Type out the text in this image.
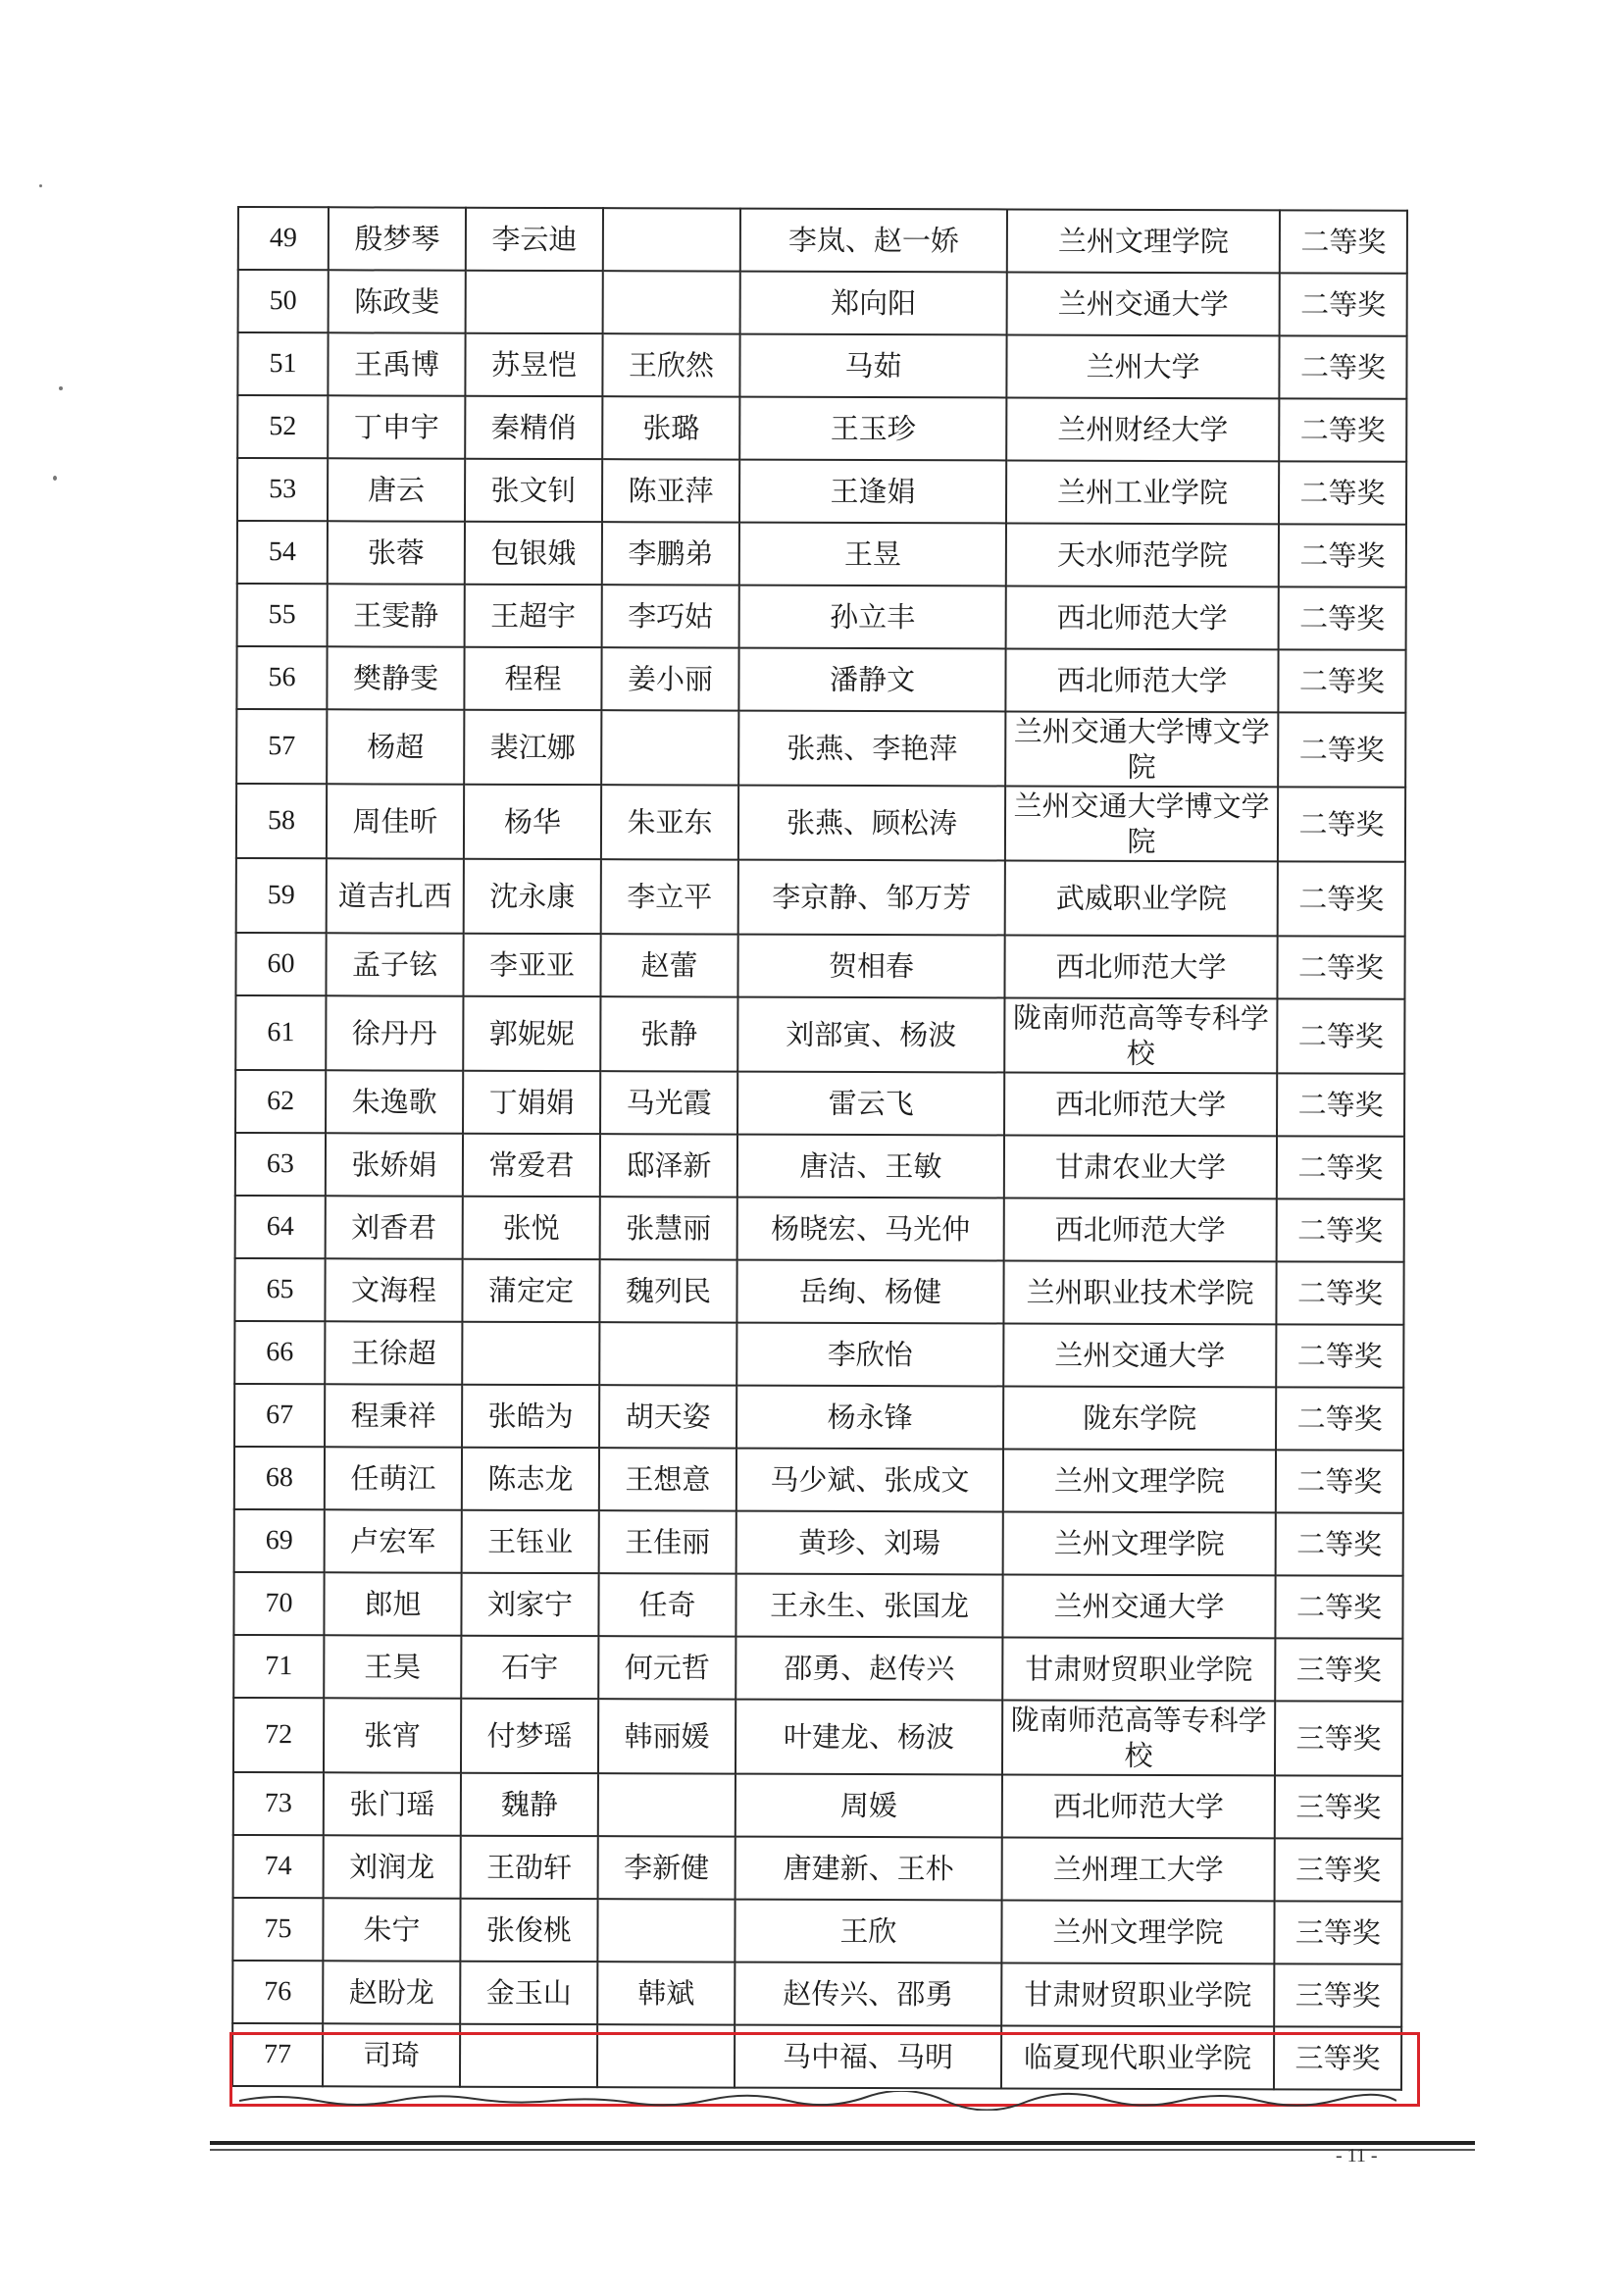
49	殷梦琴	李云迪		李岚、赵一娇	兰州文理学院	二等奖
50	陈政斐			郑向阳	兰州交通大学	二等奖
51	王禹博	苏昱恺	王欣然	马茹	兰州大学	二等奖
52	丁申宇	秦精俏	张璐	王玉珍	兰州财经大学	二等奖
53	唐云	张文钊	陈亚萍	王逢娟	兰州工业学院	二等奖
54	张蓉	包银娥	李鹏弟	王昱	天水师范学院	二等奖
55	王雯静	王超宇	李巧姑	孙立丰	西北师范大学	二等奖
56	樊静雯	程程	姜小丽	潘静文	西北师范大学	二等奖
57	杨超	裴江娜		张燕、李艳萍	兰州交通大学博文学院	二等奖
58	周佳昕	杨华	朱亚东	张燕、顾松涛	兰州交通大学博文学院	二等奖
59	道吉扎西	沈永康	李立平	李京静、邹万芳	武威职业学院	二等奖
60	孟子铉	李亚亚	赵蕾	贺相春	西北师范大学	二等奖
61	徐丹丹	郭妮妮	张静	刘部寅、杨波	陇南师范高等专科学校	二等奖
62	朱逸歌	丁娟娟	马光霞	雷云飞	西北师范大学	二等奖
63	张娇娟	常爱君	邸泽新	唐洁、王敏	甘肃农业大学	二等奖
64	刘香君	张悦	张慧丽	杨晓宏、马光仲	西北师范大学	二等奖
65	文海程	蒲定定	魏列民	岳绚、杨健	兰州职业技术学院	二等奖
66	王徐超			李欣怡	兰州交通大学	二等奖
67	程秉祥	张皓为	胡天姿	杨永锋	陇东学院	二等奖
68	任萌江	陈志龙	王想意	马少斌、张成文	兰州文理学院	二等奖
69	卢宏军	王钰业	王佳丽	黄珍、刘瑒	兰州文理学院	二等奖
70	郎旭	刘家宁	任奇	王永生、张国龙	兰州交通大学	二等奖
71	王昊	石宇	何元哲	邵勇、赵传兴	甘肃财贸职业学院	三等奖
72	张宵	付梦瑶	韩丽媛	叶建龙、杨波	陇南师范高等专科学校	三等奖
73	张门瑶	魏静		周媛	西北师范大学	三等奖
74	刘润龙	王劭轩	李新健	唐建新、王朴	兰州理工大学	三等奖
75	朱宁	张俊桃		王欣	兰州文理学院	三等奖
76	赵盼龙	金玉山	韩斌	赵传兴、邵勇	甘肃财贸职业学院	三等奖
77	司琦			马中福、马明	临夏现代职业学院	三等奖
- 11 -
